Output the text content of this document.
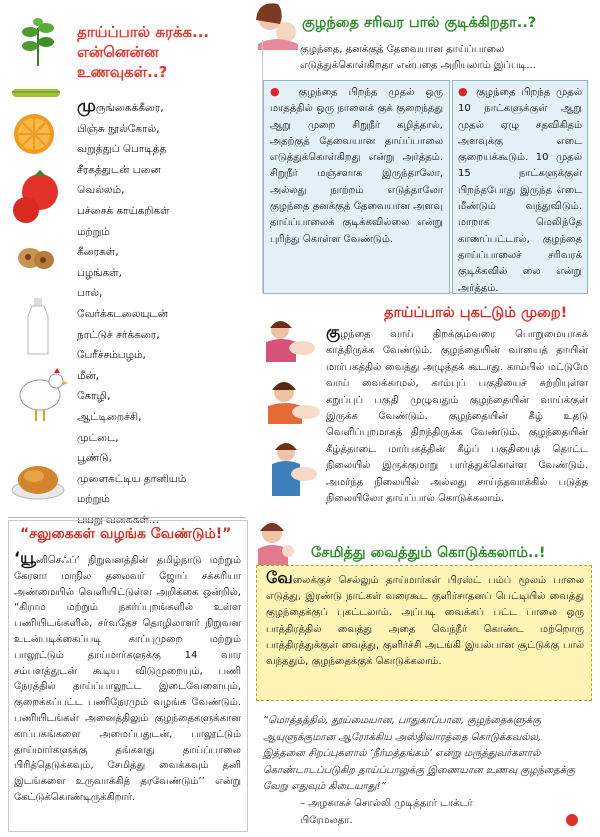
தாய்ப்பால் சுரக்க...
என்னென்ன
உணவுகள்..?
முருங்கைக்கீரை,
பிஞ்சு நூல்கோல்,
வறுத்துப் பொடித்த
சீரகத்துடன் பனை
வெல்லம்,
பச்சைக் காய்கறிகள்
மற்றும்
கீரைகள்,
பழங்கள்,
பால்,
வேர்க்கடலையுடன்
நாட்டுச் சர்க்கரை,
பேரீச்சம்பழம்,
மீன்,
கோழி,
ஆட்டிறைச்சி,
முட்டை,
பூண்டு,
முளைகட்டிய தானியம்
மற்றும்
பயறு வகைகள்...
குழந்தை சரிவர பால் குடிக்கிறதா..?
குழந்தை, தனக்குத் தேவையான தாய்ப்பாலை எடுத்துக்கொள்கிறதா என்பதை அறியலாம் இப்படி...
● குழந்தை பிறந்த முதல் ஒரு மாதத்தில் ஒரு நாளைக் குக் குறைந்தது ஆறு முறை சிறுநீர் கழித்தால், அதற்குத் தேவையான தாய்ப்பாலை எடுத்துக்கொள்கிறது என்று அர்த்தம். சிறுநீர் மஞ்சளாக இருந்தாலோ, அல்லது நாற்றம் எடுத்தாலோ குழந்தை தனக்குத் தேவையான அளவு தாய்ப்பாலைக் குடிக்கவில்லை என்று புரிந்து கொள்ள வேண்டும்.
● குழந்தை பிறந்த முதல் 10 நாட்களுக்குள் ஆறு முதல் ஏழு சதவிகிதம் அளவுக்கு எடை குறையக்கூடும். 10 முதல் 15 நாட்களுக்குள் பிறந்தபோது இருந்த எடை மீண்டும் வந்துவிடும். மாறாக மெலிந்தே காணப்பட்டால், குழந்தை தாய்ப்பாலைச் சரிவரக் குடிக்கவில் லை என்று அர்த்தம்.
தாய்ப்பால் புகட்டும் முறை!
குழந்தை வாய் திறக்கும்வரை பொறுமையாகக் காத்திருக்க வேண்டும். குழந்தையின் வாயைத் தாயின் மார்பகத்தில் வைத்து அழுத்தக் கூடாது. காம்பில் மட்டுமே வாய் வைக்காமல், காம்புப் பகுதியைச் சுற்றியுள்ள கறுப்புப் பகுதி முழுவதும் குழந்தையின் வாய்க்குள் இருக்க வேண்டும். குழந்தையின் கீழ் உதடு வெளிப்புறமாகத் திறந்திருக்க வேண்டும். குழந்தையின் கீழ்த்தாடை மார்பகத்தின் கீழ்ப் பகுதியைத் தொட்ட நிலையில் இருக்குமாறு பார்த்துக்கொள்ள வேண்டும். அமர்ந்த நிலையில் அல்லது சாய்ந்தவாக்கில் படுத்த நிலையிலோ தாய்ப்பால் கொடுக்கலாம்.
“சலுகைகள் வழங்க வேண்டும்!”
‘யூனிசெஃப்’ நிறுவனத்தின் தமிழ்நாடு மற்றும் கேரளா மாநில தலைவர் ஜோப் சக்கரியா அண்மையில் வெளியிட்டுள்ள அறிக்கை ஒன்றில், “கிராம மற்றும் நகர்ப்புறங்களில் உள்ள பணியிடங்களில், சர்வதேச தொழிலாளர் நிறுவன உடன்படிக்கைப்படி காப்புமுறை மற்றும் பாலூட்டும் தாய்மார்களுக்கு 14 வார சம்பளத்துடன் கூடிய விடுமுறையும், பணி நேரத்தில் தாய்ப்பாலூட்ட இடைவேளையும், குறைக்கப்பட்ட பணிநேரமும் வழங்க வேண்டும். பணியிடங்கள் அனைத்திலும் குழந்தைகளுக்கான காப்பகங்களை அமைப்பதுடன், பாலூட்டும் தாய்மார்களுக்கு தங்களது தாய்ப்பாலை பிரித்தெடுக்கவும், சேமித்து வைக்கவும் தனி இடங்களை உருவாக்கித் தரவேண்டும்’’ என்று கேட்டுக்கொண்டிருக்கிறார்.
சேமித்து வைத்தும் கொடுக்கலாம்..!
வேலைக்குச் செல்லும் தாய்மார்கள் பிரஸ்ட் பம்ப் மூலம் பாலை எடுத்து, இரண்டு நாட்கள் வரைகூட குளிர்சாதனப் பெட்டியில் வைத்து குழந்தைக்குப் புகட்டலாம். அப்படி வைக்கப் பட்ட பாலை ஒரு பாத்திரத்தில் வைத்து அதை வெந்நீர் கொண்ட மற்றொரு பாத்திரத்துக்குள் வைத்து, குளிர்ச்சி அடங்கி இயல்பான சூட்டுக்கு பால் வந்ததும், குழந்தைக்குக் கொடுக்கலாம்.
“மொத்தத்தில், தூய்மையான, பாதுகாப்பான, குழந்தைகளுக்கு ஆயுளுக்குமான ஆரோக்கிய அஸ்திவாரத்தை கொடுக்கவல்ல, இத்தனை சிறப்புகளால் ‘நீர்மத்தங்கம்’ என்று மருத்துவர்களால் கொண்டாடப்படுகிற தாய்ப்பாலுக்கு இணையான உணவு குழந்தைக்கு வேறு எதுவும் கிடையாது!”
– அழகாகச் சொல்லி முடித்தார் டாக்டர்
பிரேமலதா.
